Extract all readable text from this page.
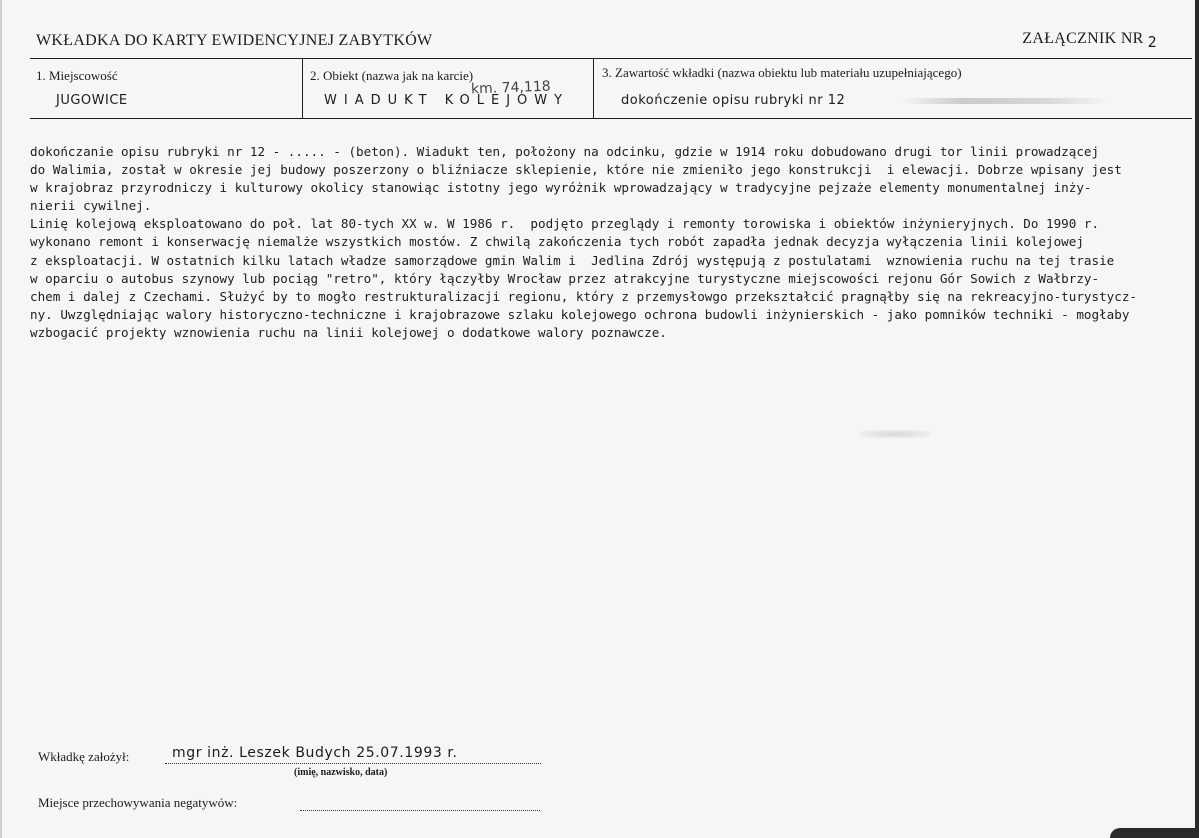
WKŁADKA DO KARTY EWIDENCYJNEJ ZABYTKÓW	ZAŁĄCZNIK NR 2
1. Miejscowość
JUGOWICE
2. Obiekt (nazwa jak na karcie)
WIADUKT KOLEJOWY
km. 74,118
3. Zawartość wkładki (nazwa obiektu lub materiału uzupełniającego)
dokończenie opisu rubryki nr 12
dokończanie opisu rubryki nr 12 - ..... - (beton). Wiadukt ten, położony na odcinku, gdzie w 1914 roku dobudowano drugi tor linii prowadzącej
do Walimia, został w okresie jej budowy poszerzony o bliźniacze sklepienie, które nie zmieniło jego konstrukcji  i elewacji. Dobrze wpisany jest
w krajobraz przyrodniczy i kulturowy okolicy stanowiąc istotny jego wyróżnik wprowadzający w tradycyjne pejzaże elementy monumentalnej inży-
nierii cywilnej.
Linię kolejową eksploatowano do poł. lat 80-tych XX w. W 1986 r.  podjęto przeglądy i remonty torowiska i obiektów inżynieryjnych. Do 1990 r.
wykonano remont i konserwację niemalże wszystkich mostów. Z chwilą zakończenia tych robót zapadła jednak decyzja wyłączenia linii kolejowej
z eksploatacji. W ostatnich kilku latach władze samorządowe gmin Walim i  Jedlina Zdrój występują z postulatami  wznowienia ruchu na tej trasie
w oparciu o autobus szynowy lub pociąg "retro", który łączyłby Wrocław przez atrakcyjne turystyczne miejscowości rejonu Gór Sowich z Wałbrzy-
chem i dalej z Czechami. Służyć by to mogło restrukturalizacji regionu, który z przemysłowgo przekształcić pragnąłby się na rekreacyjno-turystycz-
ny. Uwzględniając walory historyczno-techniczne i krajobrazowe szlaku kolejowego ochrona budowli inżynierskich - jako pomników techniki - mogłaby
wzbogacić projekty wznowienia ruchu na linii kolejowej o dodatkowe walory poznawcze.
Wkładkę założył:	mgr inż. Leszek Budych 25.07.1993 r.
(imię, nazwisko, data)
Miejsce przechowywania negatywów:
